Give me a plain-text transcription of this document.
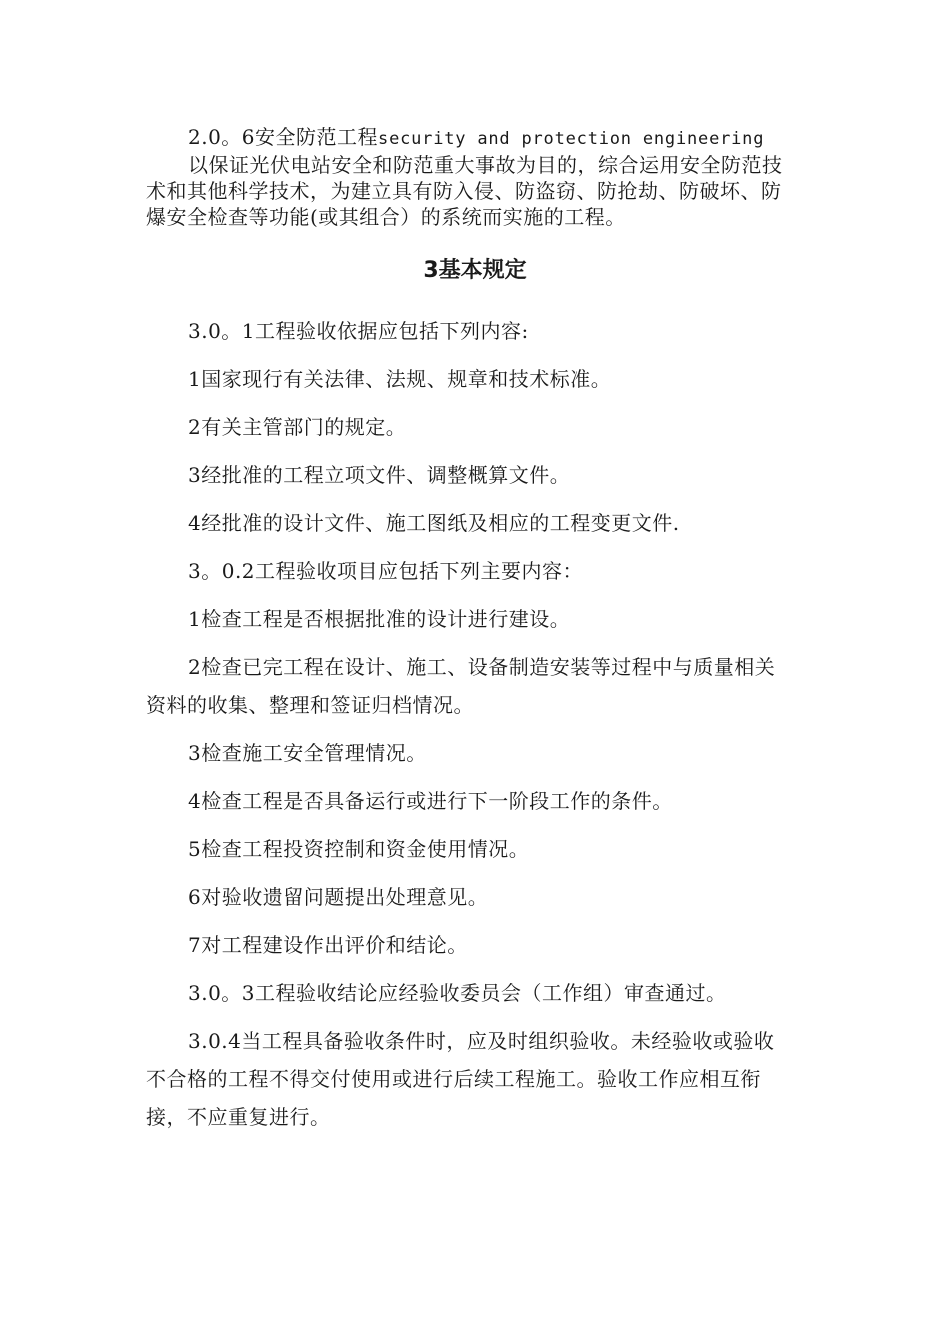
2.0。6安全防范工程security and protection engineering
以保证光伏电站安全和防范重大事故为目的，综合运用安全防范技术和其他科学技术，为建立具有防入侵、防盗窃、防抢劫、防破坏、防爆安全检查等功能(或其组合）的系统而实施的工程。
3基本规定

3.0。1工程验收依据应包括下列内容:

1国家现行有关法律、法规、规章和技术标准。

2有关主管部门的规定。

3经批准的工程立项文件、调整概算文件。

4经批准的设计文件、施工图纸及相应的工程变更文件.

3。0.2工程验收项目应包括下列主要内容：

1检查工程是否根据批准的设计进行建设。

2检查已完工程在设计、施工、设备制造安装等过程中与质量相关资料的收集、整理和签证归档情况。

3检查施工安全管理情况。

4检查工程是否具备运行或进行下一阶段工作的条件。

5检查工程投资控制和资金使用情况。

6对验收遗留问题提出处理意见。

7对工程建设作出评价和结论。

3.0。3工程验收结论应经验收委员会（工作组）审查通过。

3.0.4当工程具备验收条件时，应及时组织验收。未经验收或验收不合格的工程不得交付使用或进行后续工程施工。验收工作应相互衔接，不应重复进行。
